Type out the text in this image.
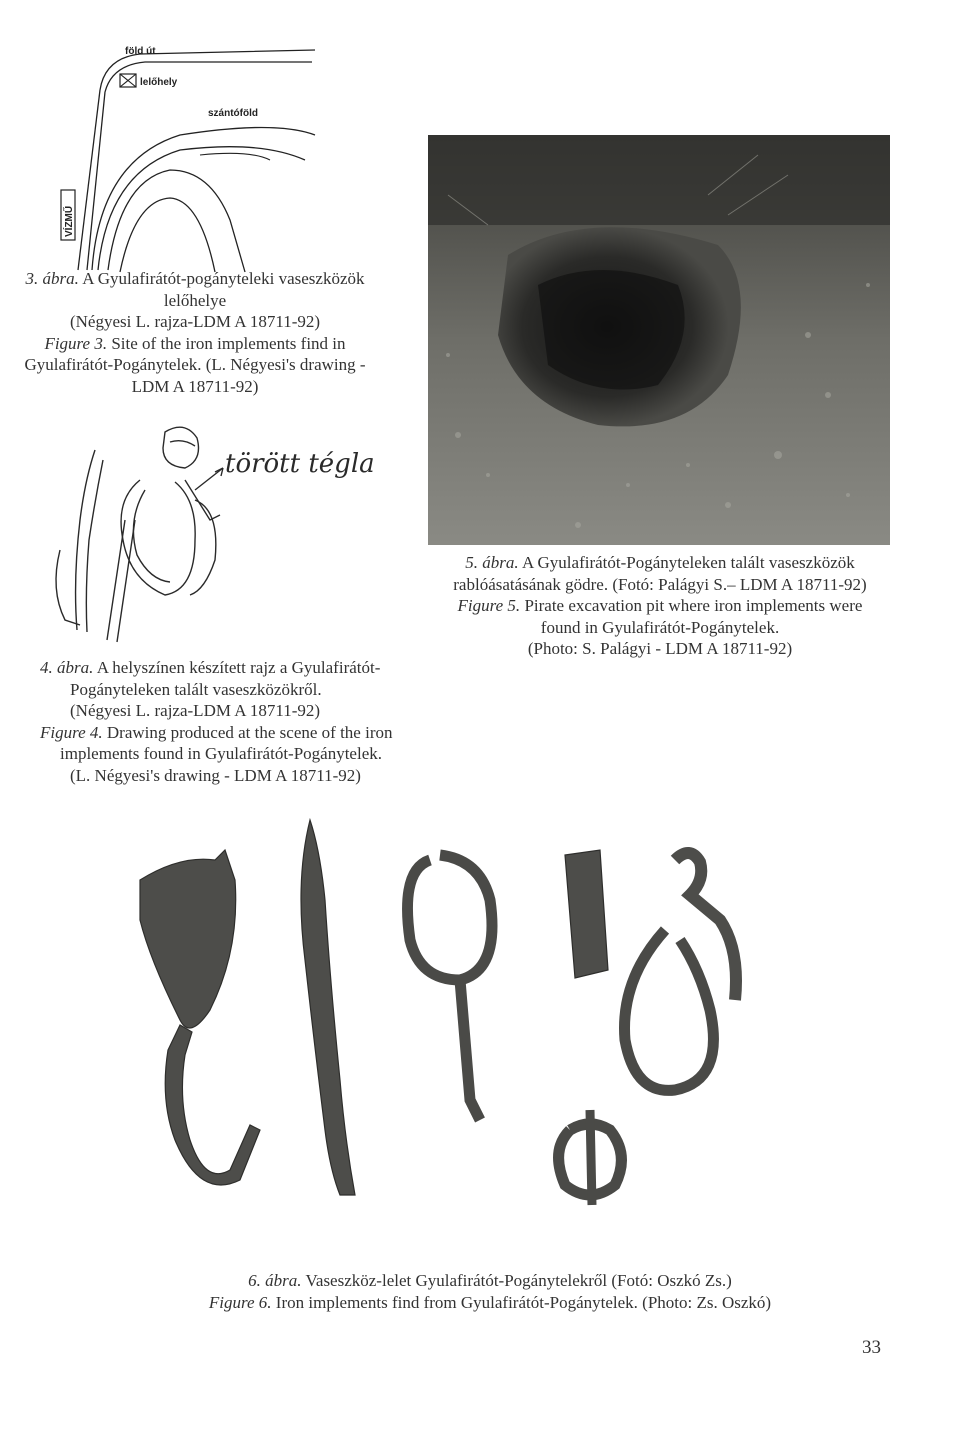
VÍZMŰ
föld út
lelőhely
szántóföld
3. ábra. A Gyulafirátót-pogányteleki vaseszközök
lelőhelye
(Négyesi L. rajza-LDM A 18711-92)
Figure 3. Site of the iron implements find in
Gyulafirátót-Pogánytelek. (L. Négyesi's drawing -
LDM A 18711-92)
törött tégla
4. ábra. A helyszínen készített rajz a Gyulafirátót-
Pogányteleken talált vaseszközökről.
(Négyesi L. rajza-LDM A 18711-92)
Figure 4. Drawing produced at the scene of the iron
implements found in Gyulafirátót-Pogánytelek.
(L. Négyesi's drawing - LDM A 18711-92)
5. ábra. A Gyulafirátót-Pogányteleken talált vaseszközök
rablóásatásának gödre. (Fotó: Palágyi S.– LDM A 18711-92)
Figure 5. Pirate excavation pit where iron implements were
found in Gyulafirátót-Pogánytelek.
(Photo: S. Palágyi - LDM A 18711-92)
6. ábra. Vaseszköz-lelet Gyulafirátót-Pogánytelekről (Fotó: Oszkó Zs.)
Figure 6. Iron implements find from Gyulafirátót-Pogánytelek. (Photo: Zs. Oszkó)
33
